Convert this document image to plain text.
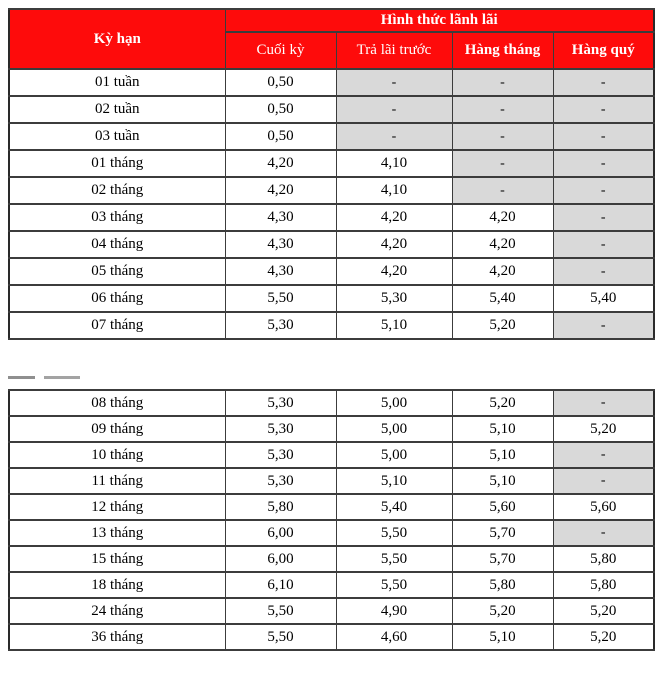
Kỳ hạn	Hình thức lãnh lãi			
	Cuối kỳ	Trả lãi trước	Hàng tháng	Hàng quý
01 tuần	0,50	-	-	-
02 tuần	0,50	-	-	-
03 tuần	0,50	-	-	-
01 tháng	4,20	4,10	-	-
02 tháng	4,20	4,10	-	-
03 tháng	4,30	4,20	4,20	-
04 tháng	4,30	4,20	4,20	-
05 tháng	4,30	4,20	4,20	-
06 tháng	5,50	5,30	5,40	5,40
07 tháng	5,30	5,10	5,20	-
08 tháng	5,30	5,00	5,20	-
09 tháng	5,30	5,00	5,10	5,20
10 tháng	5,30	5,00	5,10	-
11 tháng	5,30	5,10	5,10	-
12 tháng	5,80	5,40	5,60	5,60
13 tháng	6,00	5,50	5,70	-
15 tháng	6,00	5,50	5,70	5,80
18 tháng	6,10	5,50	5,80	5,80
24 tháng	5,50	4,90	5,20	5,20
36 tháng	5,50	4,60	5,10	5,20
